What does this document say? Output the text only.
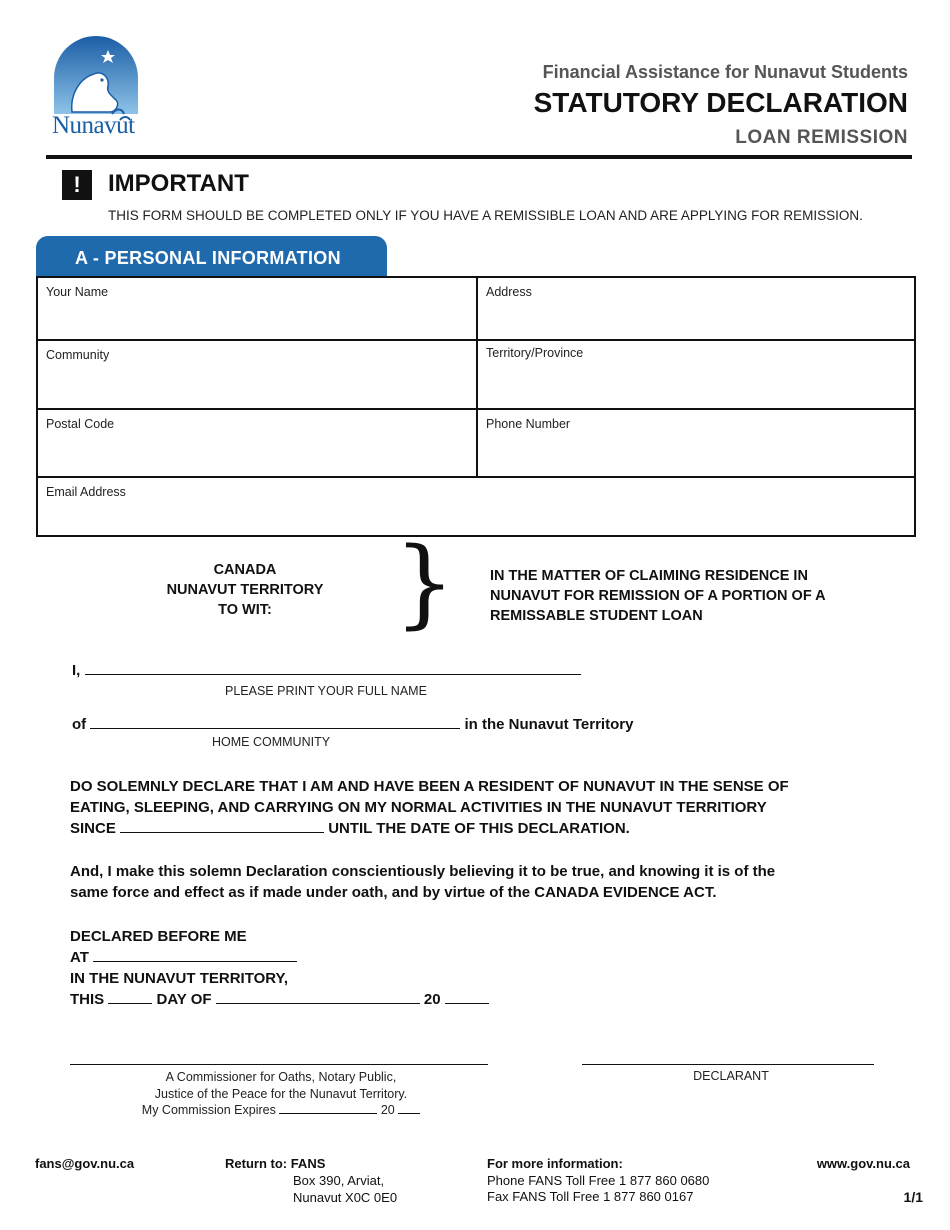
Nunavut
Financial Assistance for Nunavut Students
STATUTORY DECLARATION
LOAN REMISSION
!	IMPORTANT
THIS FORM SHOULD BE COMPLETED ONLY IF YOU HAVE A REMISSIBLE LOAN AND ARE APPLYING FOR REMISSION.
A - PERSONAL INFORMATION
Your Name	Address
Community	Territory/Province
Postal Code	Phone Number
Email Address
CANADA
NUNAVUT TERRITORY
TO WIT:	} IN THE MATTER OF CLAIMING RESIDENCE IN
NUNAVUT FOR REMISSION OF A PORTION OF A
REMISSABLE STUDENT LOAN
I,
PLEASE PRINT YOUR FULL NAME
of	in the Nunavut Territory
HOME COMMUNITY
DO SOLEMNLY DECLARE THAT I AM AND HAVE BEEN A RESIDENT OF NUNAVUT IN THE SENSE OF
EATING, SLEEPING, AND CARRYING ON MY NORMAL ACTIVITIES IN THE NUNAVUT TERRITIORY
SINCE	UNTIL THE DATE OF THIS DECLARATION.
And, I make this solemn Declaration conscientiously believing it to be true, and knowing it is of the
same force and effect as if made under oath, and by virtue of the CANADA EVIDENCE ACT.
DECLARED BEFORE ME
AT
IN THE NUNAVUT TERRITORY,
THIS	DAY OF	20
A Commissioner for Oaths, Notary Public,
Justice of the Peace for the Nunavut Territory.
My Commission Expires	20
DECLARANT
fans@gov.nu.ca	Return to: FANS
Box 390, Arviat,
Nunavut X0C 0E0
For more information:
Phone FANS Toll Free 1 877 860 0680
Fax FANS Toll Free 1 877 860 0167
www.gov.nu.ca
1/1
